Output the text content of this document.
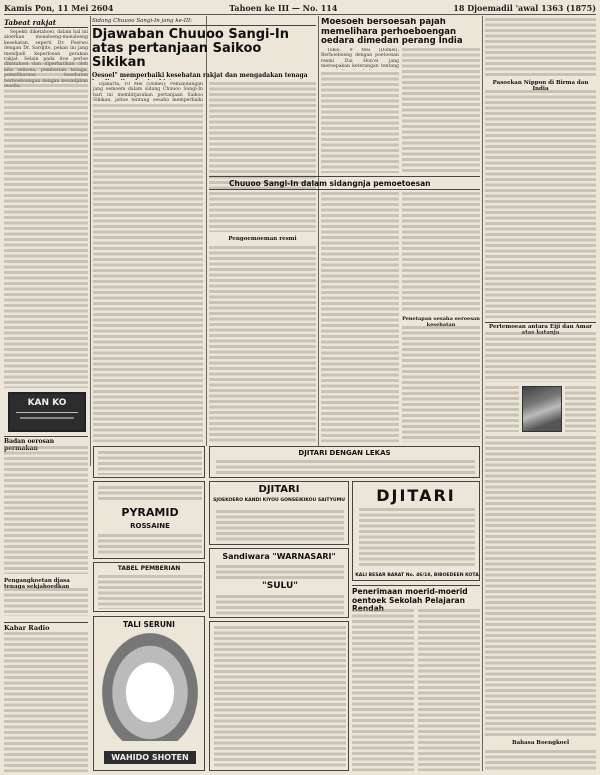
Kamis Pon, 11 Mei 2604	Tahoen ke III — No. 114	18 Djoemadil 'awal 1363 (1875)
Tabeat rakjat

Sepekti diketahoei, dalam hal ini aloerkan moealoeng-moealoeng kesehatan, seperti Dr. Poerwo dengan Dr. Sardjito, pekan ini jang mendjadi keperloean gerakan rakjat. Selain pada itoe perloe diketahoei dan diperhatikan oleh kita semoea, pemberian tenaga, pemeliharaan kesehatan berhoeboengan dengan kewadjiban moelia.

KAN KO
Badan oerosan permakan
Pengangkoetan djasa tenaga sekjahoedkan
Kabar Radio
Sidang Chuuoo Sangi-In jang ke-III:
Djawaban Chuuoo Sangi-In atas pertanjaan Saikoo Sikikan
Oesoel" memperbaiki kesehatan rakjat dan mengadakan tenaga

Djakarta, 10 Mei (Domei): Pemandangan jang oemoem dalam sidang Chuuoo Sangi-In hari ini membitjarakan pertanjaan Saikoo Sikikan, jaitoe tentang oesaha memperbaiki

Pengoemoeman resmi
Moesoeh bersoesah pajah memelihara perhoeboengan oedara dimedan perang India

Tokio, 9 Mei (Domei): Berhoeboeng dengan poetoesan resmi Dai Hon'ei jang meroepakan keterangan tentang

Chuuoo Sangi-In dalam sidangnja pemoetoesan
Penetapan oesaha oeroesan kesehatan
Pasoekan Nippon di Birma dan India
Pertemoean antara Eiji dan Amar atas katanja
Bahasa Boengkoel
DJITARI DENGAN LEKAS
PYRAMID
ROSSAINE
DJITARI
SJOEKOERO KANDI KIYOU GONSEIKIKOU SAITYUMU	DJITARI
KALI BESAR BARAT No. 46/18, BIBOEDEEN KOTA
Sandiwara "WARNASARI"
"SULU"
TABEL PEMBERIAN
TALI SERUNI
WAHIDO SHOTEN
Penerimaan moerid-moerid oentoek Sekolah Pelajaran Rendah
